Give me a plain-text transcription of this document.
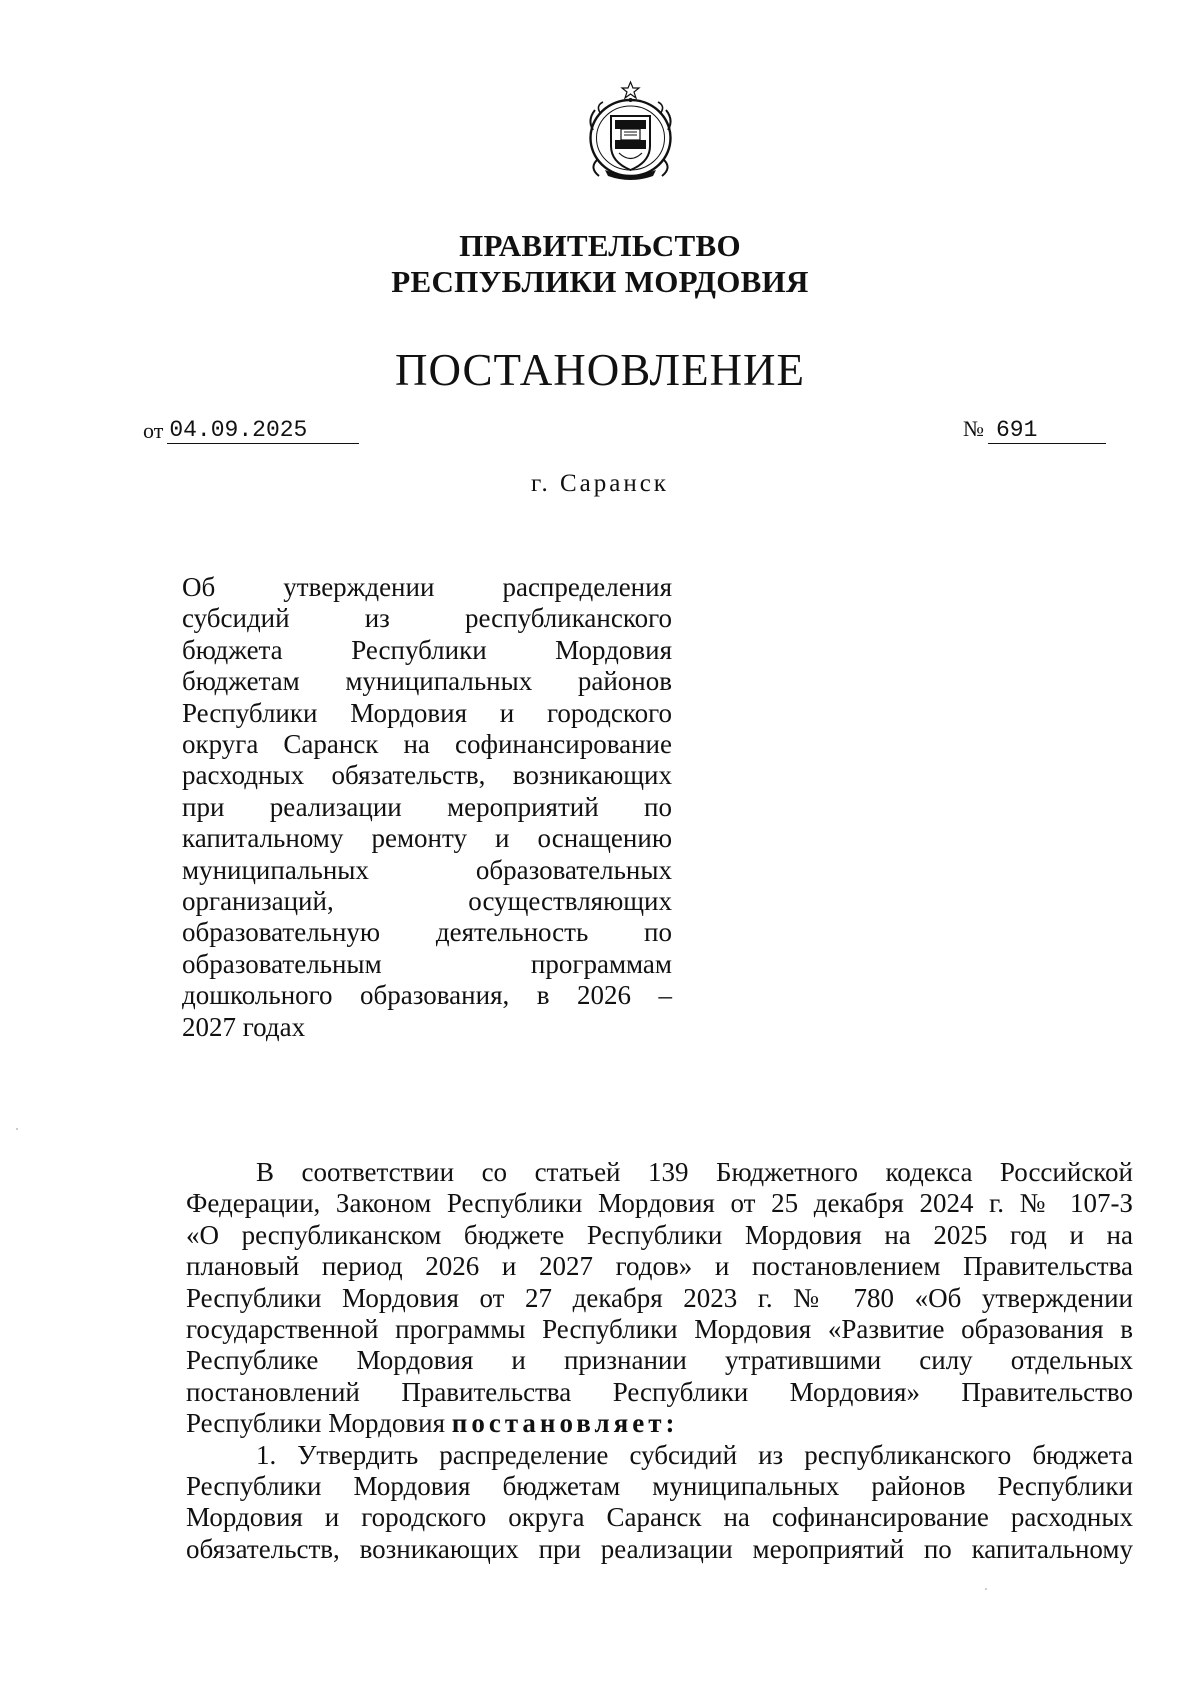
ПРАВИТЕЛЬСТВО
РЕСПУБЛИКИ МОРДОВИЯ
ПОСТАНОВЛЕНИЕ
от 04.09.2025	№ 691
г. Саранск
Об утверждении распределения
субсидий из республиканского
бюджета Республики Мордовия
бюджетам муниципальных районов
Республики Мордовия и городского
округа Саранск на софинансирование
расходных обязательств, возникающих
при реализации мероприятий по
капитальному ремонту и оснащению
муниципальных образовательных
организаций, осуществляющих
образовательную деятельность по
образовательным программам
дошкольного образования, в 2026 –
2027 годах
В соответствии со статьей 139 Бюджетного кодекса Российской
Федерации, Законом Республики Мордовия от 25 декабря 2024 г. № 107-З
«О республиканском бюджете Республики Мордовия на 2025 год и на
плановый период 2026 и 2027 годов» и постановлением Правительства
Республики Мордовия от 27 декабря 2023 г. № 780 «Об утверждении
государственной программы Республики Мордовия «Развитие образования в
Республике Мордовия и признании утратившими силу отдельных
постановлений Правительства Республики Мордовия» Правительство
Республики Мордовия постановляет:
1. Утвердить распределение субсидий из республиканского бюджета
Республики Мордовия бюджетам муниципальных районов Республики
Мордовия и городского округа Саранск на софинансирование расходных
обязательств, возникающих при реализации мероприятий по капитальному
